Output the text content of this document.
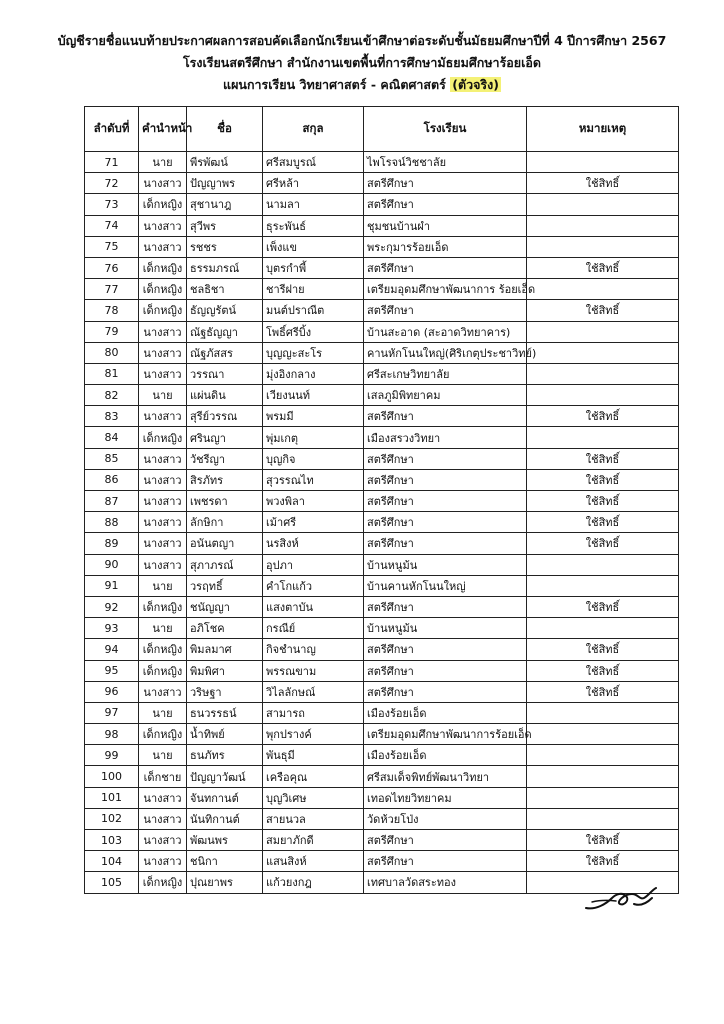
บัญชีรายชื่อแนบท้ายประกาศผลการสอบคัดเลือกนักเรียนเข้าศึกษาต่อระดับชั้นมัธยมศึกษาปีที่ 4 ปีการศึกษา 2567
โรงเรียนสตรีศึกษา สำนักงานเขตพื้นที่การศึกษามัธยมศึกษาร้อยเอ็ด
แผนการเรียน วิทยาศาสตร์ - คณิตศาสตร์ (ตัวจริง)
ลำดับที่	คำนำหน้า	ชื่อ	สกุล	โรงเรียน	หมายเหตุ
71	นาย	พีรพัฒน์	ศรีสมบูรณ์	ไพโรจน์วิชชาลัย	
72	นางสาว	ปัญญาพร	ศรีหล้า	สตรีศึกษา	ใช้สิทธิ์
73	เด็กหญิง	สุชานาฎ	นามลา	สตรีศึกษา	
74	นางสาว	สุวีพร	ธุระพันธ์	ชุมชนบ้านผำ	
75	นางสาว	รชชร	เพ็งแข	พระกุมารร้อยเอ็ด	
76	เด็กหญิง	ธรรมภรณ์	บุตรกำพี้	สตรีศึกษา	ใช้สิทธิ์
77	เด็กหญิง	ชลธิชา	ชารีฝาย	เตรียมอุดมศึกษาพัฒนาการ ร้อยเอ็ด	
78	เด็กหญิง	ธัญญรัตน์	มนต์ปราณีต	สตรีศึกษา	ใช้สิทธิ์
79	นางสาว	ณัฐธัญญา	โพธิ์ศรีบิ้ง	บ้านสะอาด (สะอาดวิทยาคาร)	
80	นางสาว	ณัฐภัสสร	บุญญะสะโร	คานหักโนนใหญ่(ศิริเกตุประชาวิทย์)	
81	นางสาว	วรรณา	มุ่งอิงกลาง	ศรีสะเกษวิทยาลัย	
82	นาย	แผ่นดิน	เวียงนนท์	เสลภูมิพิทยาคม	
83	นางสาว	สุรีย์วรรณ	พรมมี	สตรีศึกษา	ใช้สิทธิ์
84	เด็กหญิง	ศรินญา	พุ่มเกตุ	เมืองสรวงวิทยา	
85	นางสาว	วัชรีญา	บุญกิจ	สตรีศึกษา	ใช้สิทธิ์
86	นางสาว	สิรภัทร	สุวรรณไท	สตรีศึกษา	ใช้สิทธิ์
87	นางสาว	เพชรดา	พวงพิลา	สตรีศึกษา	ใช้สิทธิ์
88	นางสาว	ลักษิกา	เม้าศรี	สตรีศึกษา	ใช้สิทธิ์
89	นางสาว	อนันตญา	นรสิงห์	สตรีศึกษา	ใช้สิทธิ์
90	นางสาว	สุภาภรณ์	อุปภา	บ้านหนูม้น	
91	นาย	วรฤทธิ์	คำโกแก้ว	บ้านคานหักโนนใหญ่	
92	เด็กหญิง	ชนัญญา	แสงตาบัน	สตรีศึกษา	ใช้สิทธิ์
93	นาย	อภิโชค	กรณีย์	บ้านหนูม้น	
94	เด็กหญิง	พิมลมาศ	กิจชำนาญ	สตรีศึกษา	ใช้สิทธิ์
95	เด็กหญิง	พิมพิศา	พรรณขาม	สตรีศึกษา	ใช้สิทธิ์
96	นางสาว	วริษฐา	วิไลลักษณ์	สตรีศึกษา	ใช้สิทธิ์
97	นาย	ธนวรรธน์	สามารถ	เมืองร้อยเอ็ด	
98	เด็กหญิง	น้ำทิพย์	พุกปรางค์	เตรียมอุดมศึกษาพัฒนาการร้อยเอ็ด	
99	นาย	ธนภัทร	พันธุมี	เมืองร้อยเอ็ด	
100	เด็กชาย	ปัญญาวัฒน์	เครือคุณ	ศรีสมเด็จพิทย์พัฒนาวิทยา	
101	นางสาว	จันทกานต์	บุญวิเศษ	เทอดไทยวิทยาคม	
102	นางสาว	นันทิกานต์	สายนวล	วัดห้วยโป่ง	
103	นางสาว	พัฒนพร	สมยาภักดี	สตรีศึกษา	ใช้สิทธิ์
104	นางสาว	ชนิกา	แสนสิงห์	สตรีศึกษา	ใช้สิทธิ์
105	เด็กหญิง	ปุณยาพร	แก้วยงกฎ	เทศบาลวัดสระทอง	
